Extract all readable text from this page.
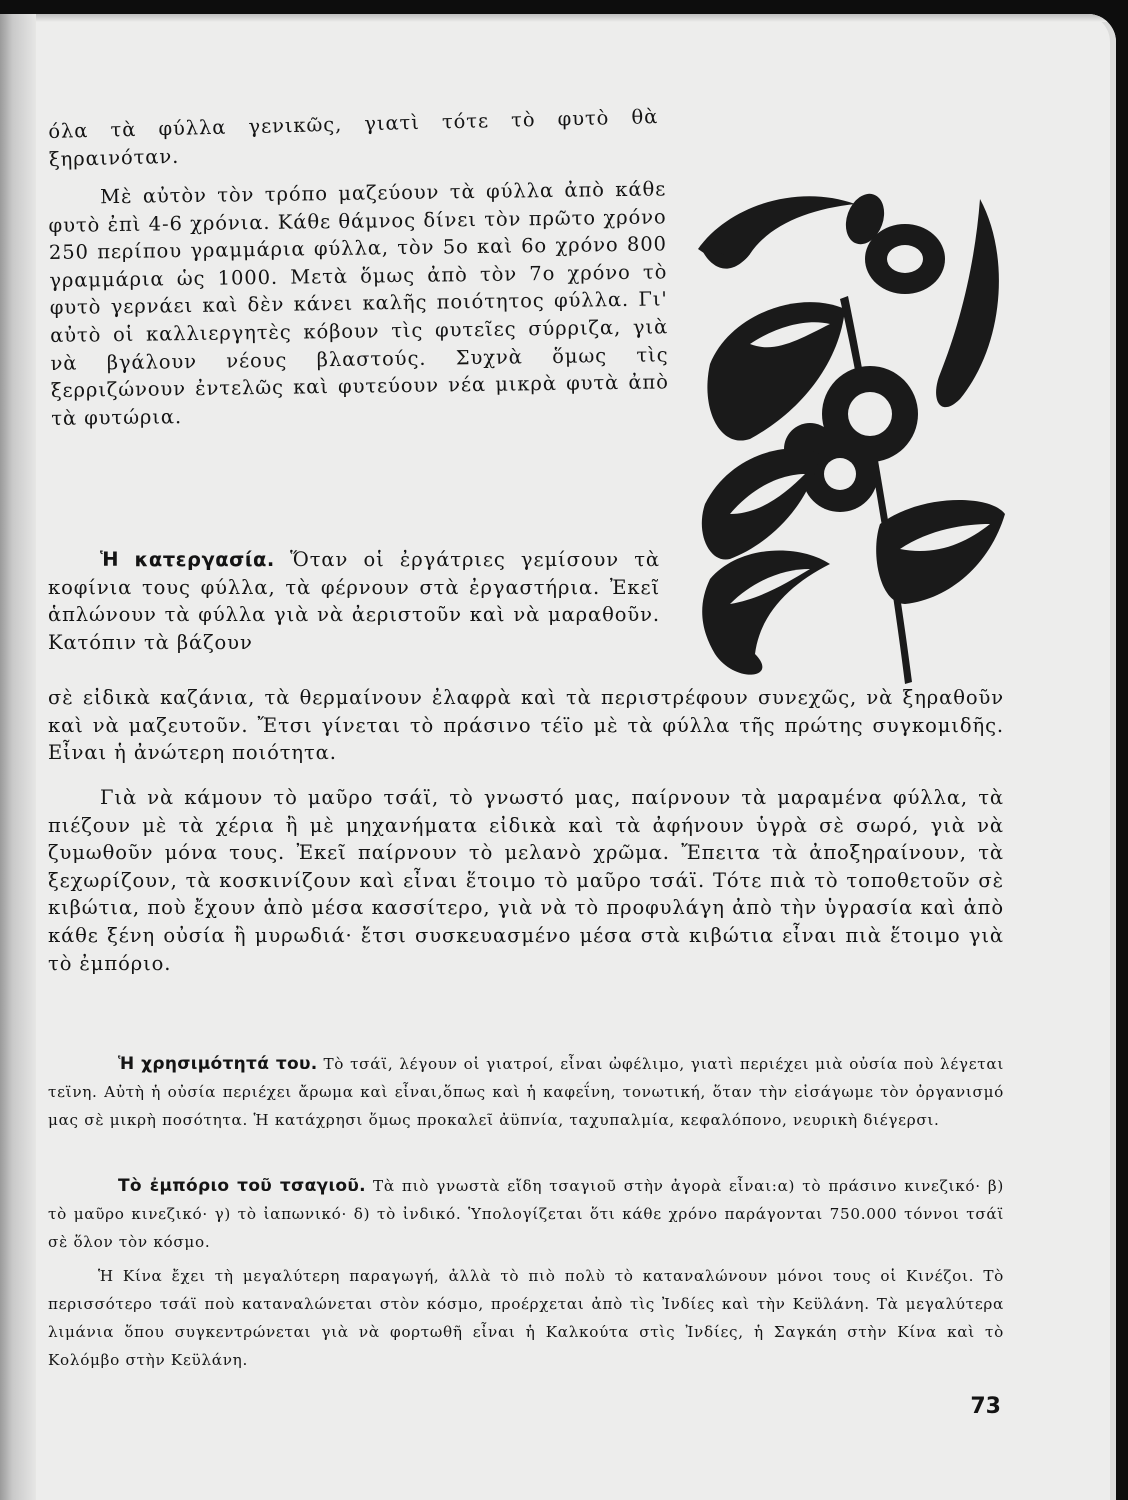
όλα τὰ φύλλα γενικῶς, γιατὶ τότε τὸ φυτὸ θὰ ξηραινόταν.

Μὲ αὐτὸν τὸν τρόπο μαζεύουν τὰ φύλλα ἀπὸ κάθε φυτὸ ἐπὶ 4-6 χρόνια. Κάθε θάμνος δίνει τὸν πρῶτο χρόνο 250 περίπου γραμμάρια φύλλα, τὸν 5ο καὶ 6ο χρόνο 800 γραμμάρια ὡς 1000. Μετὰ ὅμως ἀπὸ τὸν 7ο χρόνο τὸ φυτὸ γερνάει καὶ δὲν κάνει καλῆς ποιότητος φύλλα. Γι' αὐτὸ οἱ καλλιεργητὲς κόβουν τὶς φυτεῖες σύρριζα, γιὰ νὰ βγάλουν νέους βλαστούς. Συχνὰ ὅμως τὶς ξερριζώνουν ἐντελῶς καὶ φυτεύουν νέα μικρὰ φυτὰ ἀπὸ τὰ φυτώρια.

Ἡ κατεργασία. Ὅταν οἱ ἐργάτριες γεμίσουν τὰ κοφίνια τους φύλλα, τὰ φέρνουν στὰ ἐργαστήρια. Ἐκεῖ ἁπλώνουν τὰ φύλλα γιὰ νὰ ἀεριστοῦν καὶ νὰ μαραθοῦν. Κατόπιν τὰ βάζουν

σὲ εἰδικὰ καζάνια, τὰ θερμαίνουν ἐλαφρὰ καὶ τὰ περιστρέφουν συνεχῶς, νὰ ξηραθοῦν καὶ νὰ μαζευτοῦν. Ἔτσι γίνεται τὸ πράσινο τέϊο μὲ τὰ φύλλα τῆς πρώτης συγκομιδῆς. Εἶναι ἡ ἀνώτερη ποιότητα.

Γιὰ νὰ κάμουν τὸ μαῦρο τσάϊ, τὸ γνωστό μας, παίρνουν τὰ μαραμένα φύλλα, τὰ πιέζουν μὲ τὰ χέρια ἢ μὲ μηχανήματα εἰδικὰ καὶ τὰ ἀφήνουν ὑγρὰ σὲ σωρό, γιὰ νὰ ζυμωθοῦν μόνα τους. Ἐκεῖ παίρνουν τὸ μελανὸ χρῶμα. Ἔπειτα τὰ ἀποξηραίνουν, τὰ ξεχωρίζουν, τὰ κοσκινίζουν καὶ εἶναι ἕτοιμο τὸ μαῦρο τσάϊ. Τότε πιὰ τὸ τοποθετοῦν σὲ κιβώτια, ποὺ ἔχουν ἀπὸ μέσα κασσίτερο, γιὰ νὰ τὸ προφυλάγη ἀπὸ τὴν ὑγρασία καὶ ἀπὸ κάθε ξένη οὐσία ἢ μυρωδιά· ἔτσι συσκευασμένο μέσα στὰ κιβώτια εἶναι πιὰ ἕτοιμο γιὰ τὸ ἐμπόριο.

Ἡ χρησιμότητά του. Τὸ τσάϊ, λέγουν οἱ γιατροί, εἶναι ὠφέλιμο, γιατὶ περιέχει μιὰ οὐσία ποὺ λέγεται τεϊνη. Αὐτὴ ἡ οὐσία περιέχει ἄρωμα καὶ εἶναι,ὅπως καὶ ἡ καφεΐνη, τονωτική, ὅταν τὴν εἰσάγωμε τὸν ὀργανισμό μας σὲ μικρὴ ποσότητα. Ἡ κατάχρησι ὅμως προκαλεῖ ἀϋπνία, ταχυπαλμία, κεφαλόπονο, νευρικὴ διέγερσι.

Τὸ ἐμπόριο τοῦ τσαγιοῦ. Τὰ πιὸ γνωστὰ εἴδη τσαγιοῦ στὴν ἀγορὰ εἶναι:α) τὸ πράσινο κινεζικό· β) τὸ μαῦρο κινεζικό· γ) τὸ ἰαπωνικό· δ) τὸ ἰνδικό. Ὑπολογίζεται ὅτι κάθε χρόνο παράγονται 750.000 τόννοι τσάϊ σὲ ὅλον τὸν κόσμο.

Ἡ Κίνα ἔχει τὴ μεγαλύτερη παραγωγή, ἀλλὰ τὸ πιὸ πολὺ τὸ καταναλώνουν μόνοι τους οἱ Κινέζοι. Τὸ περισσότερο τσάϊ ποὺ καταναλώνεται στὸν κόσμο, προέρχεται ἀπὸ τὶς Ἰνδίες καὶ τὴν Κεϋλάνη. Τὰ μεγαλύτερα λιμάνια ὅπου συγκεντρώνεται γιὰ νὰ φορτωθῆ εἶναι ἡ Καλκούτα στὶς Ἰνδίες, ἡ Σαγκάη στὴν Κίνα καὶ τὸ Κολόμβο στὴν Κεϋλάνη.

73
